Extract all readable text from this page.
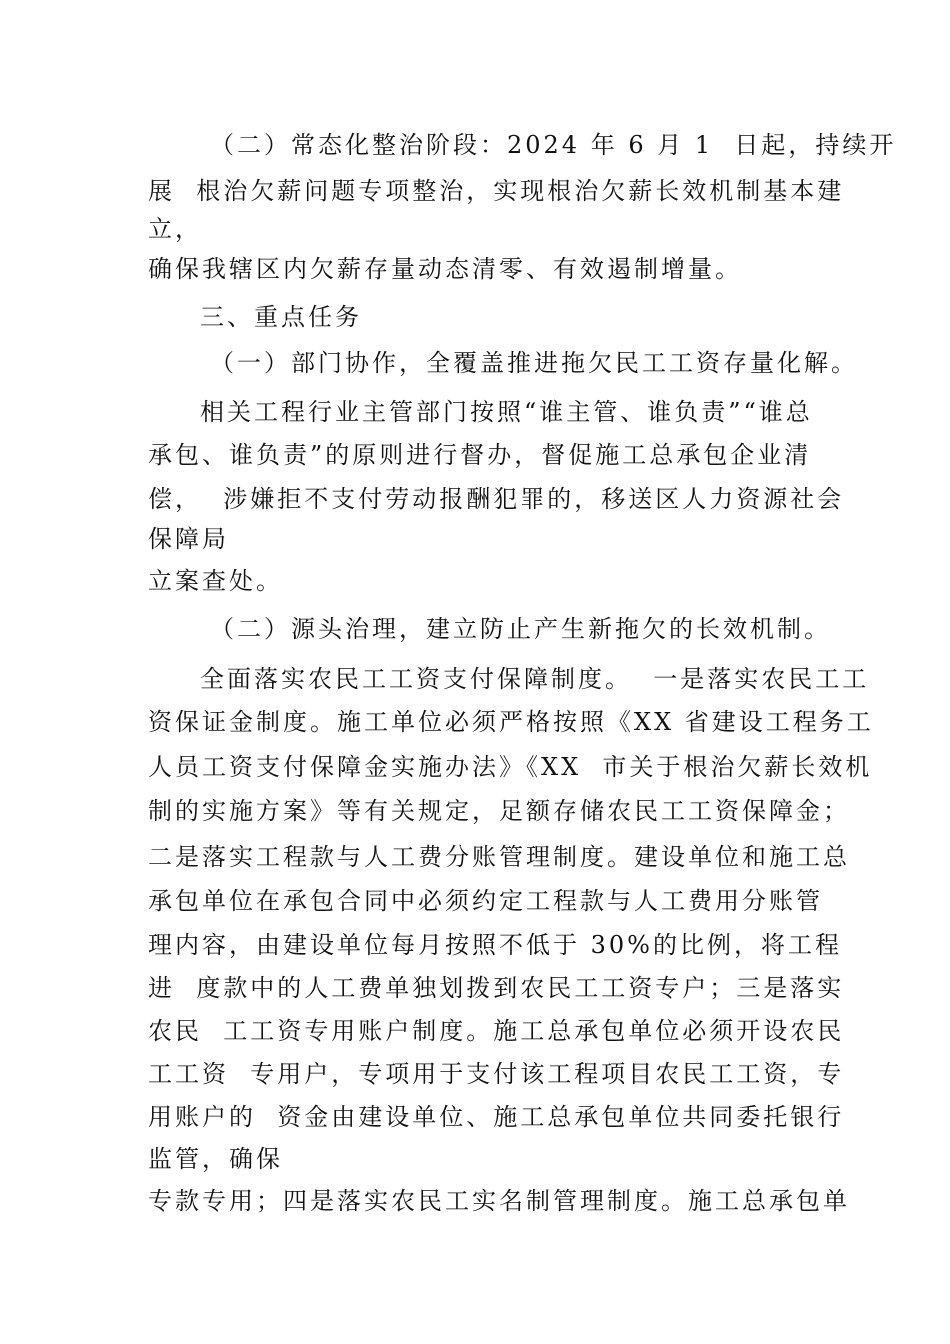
（二）常态化整治阶段：2024 年 6 月 1  日起，持续开

展  根治欠薪问题专项整治，实现根治欠薪长效机制基本建

立，

确保我辖区内欠薪存量动态清零、有效遏制增量。

三、重点任务

（一）部门协作，全覆盖推进拖欠民工工资存量化解。

相关工程行业主管部门按照“谁主管、谁负责”“谁总

承包、谁负责”的原则进行督办，督促施工总承包企业清

偿，  涉嫌拒不支付劳动报酬犯罪的，移送区人力资源社会

保障局

立案查处。

（二）源头治理，建立防止产生新拖欠的长效机制。

全面落实农民工工资支付保障制度。  一是落实农民工工

资保证金制度。施工单位必须严格按照《XX 省建设工程务工

人员工资支付保障金实施办法》《XX  市关于根治欠薪长效机

制的实施方案》等有关规定，足额存储农民工工资保障金；

二是落实工程款与人工费分账管理制度。建设单位和施工总

承包单位在承包合同中必须约定工程款与人工费用分账管

理内容，由建设单位每月按照不低于 30%的比例，将工程

进  度款中的人工费单独划拨到农民工工资专户；三是落实

农民  工工资专用账户制度。施工总承包单位必须开设农民

工工资  专用户，专项用于支付该工程项目农民工工资，专

用账户的  资金由建设单位、施工总承包单位共同委托银行

监管，确保

专款专用；四是落实农民工实名制管理制度。施工总承包单
